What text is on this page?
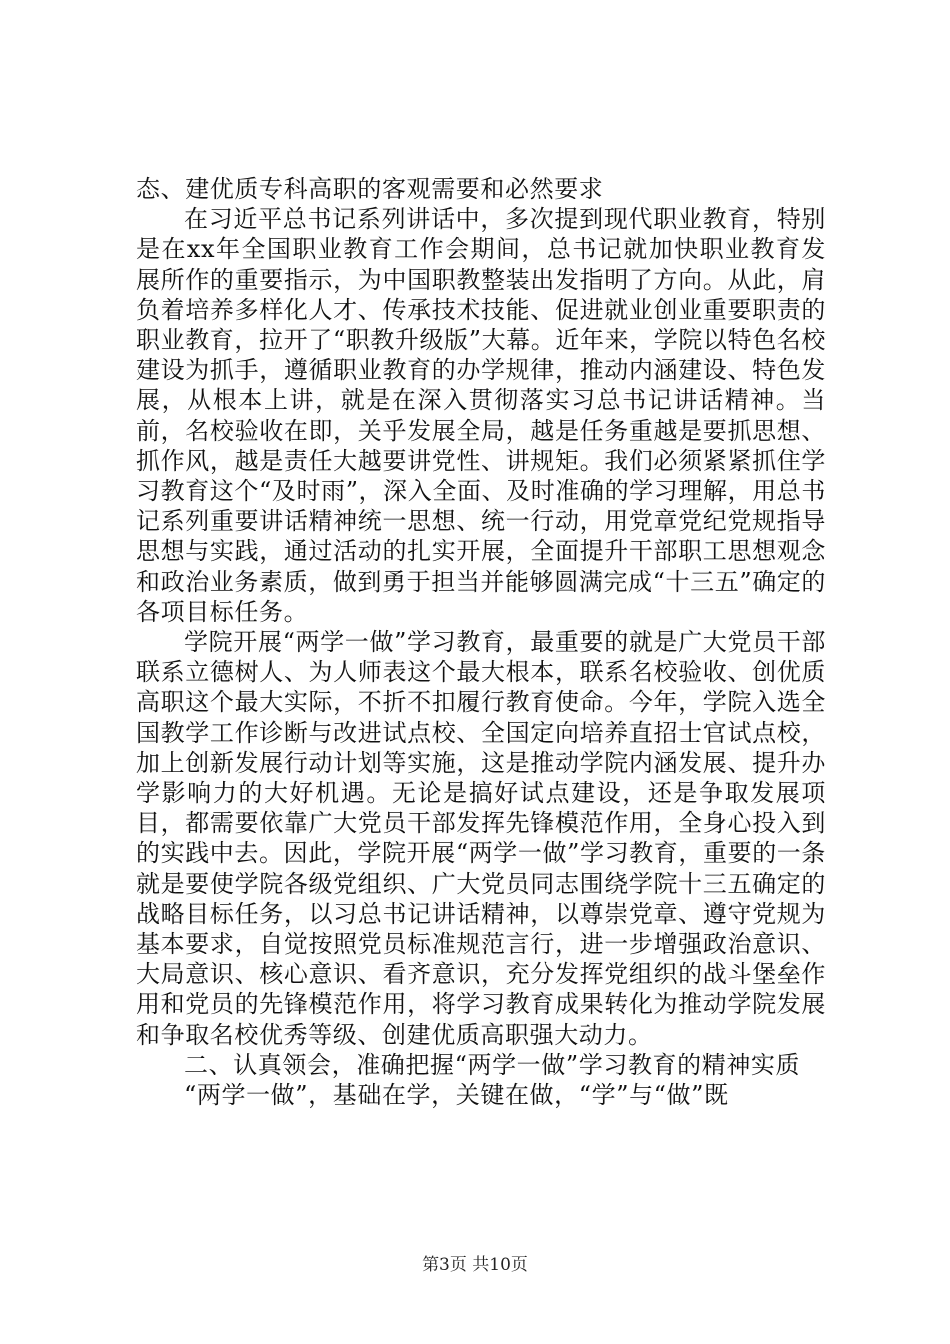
态、建优质专科高职的客观需要和必然要求

在习近平总书记系列讲话中，多次提到现代职业教育，特别是在xx年全国职业教育工作会期间，总书记就加快职业教育发展所作的重要指示，为中国职教整装出发指明了方向。从此，肩负着培养多样化人才、传承技术技能、促进就业创业重要职责的职业教育，拉开了“职教升级版”大幕。近年来，学院以特色名校建设为抓手，遵循职业教育的办学规律，推动内涵建设、特色发展，从根本上讲，就是在深入贯彻落实习总书记讲话精神。当前，名校验收在即，关乎发展全局，越是任务重越是要抓思想、抓作风，越是责任大越要讲党性、讲规矩。我们必须紧紧抓住学习教育这个“及时雨”，深入全面、及时准确的学习理解，用总书记系列重要讲话精神统一思想、统一行动，用党章党纪党规指导思想与实践，通过活动的扎实开展，全面提升干部职工思想观念和政治业务素质，做到勇于担当并能够圆满完成“十三五”确定的各项目标任务。

学院开展“两学一做”学习教育，最重要的就是广大党员干部联系立德树人、为人师表这个最大根本，联系名校验收、创优质高职这个最大实际，不折不扣履行教育使命。今年，学院入选全国教学工作诊断与改进试点校、全国定向培养直招士官试点校，加上创新发展行动计划等实施，这是推动学院内涵发展、提升办学影响力的大好机遇。无论是搞好试点建设，还是争取发展项目，都需要依靠广大党员干部发挥先锋模范作用，全身心投入到的实践中去。因此，学院开展“两学一做”学习教育，重要的一条就是要使学院各级党组织、广大党员同志围绕学院十三五确定的战略目标任务，以习总书记讲话精神，以尊崇党章、遵守党规为基本要求，自觉按照党员标准规范言行，进一步增强政治意识、大局意识、核心意识、看齐意识，充分发挥党组织的战斗堡垒作用和党员的先锋模范作用，将学习教育成果转化为推动学院发展和争取名校优秀等级、创建优质高职强大动力。

二、认真领会，准确把握“两学一做”学习教育的精神实质

“两学一做”，基础在学，关键在做，“学”与“做”既

第3页 共10页
